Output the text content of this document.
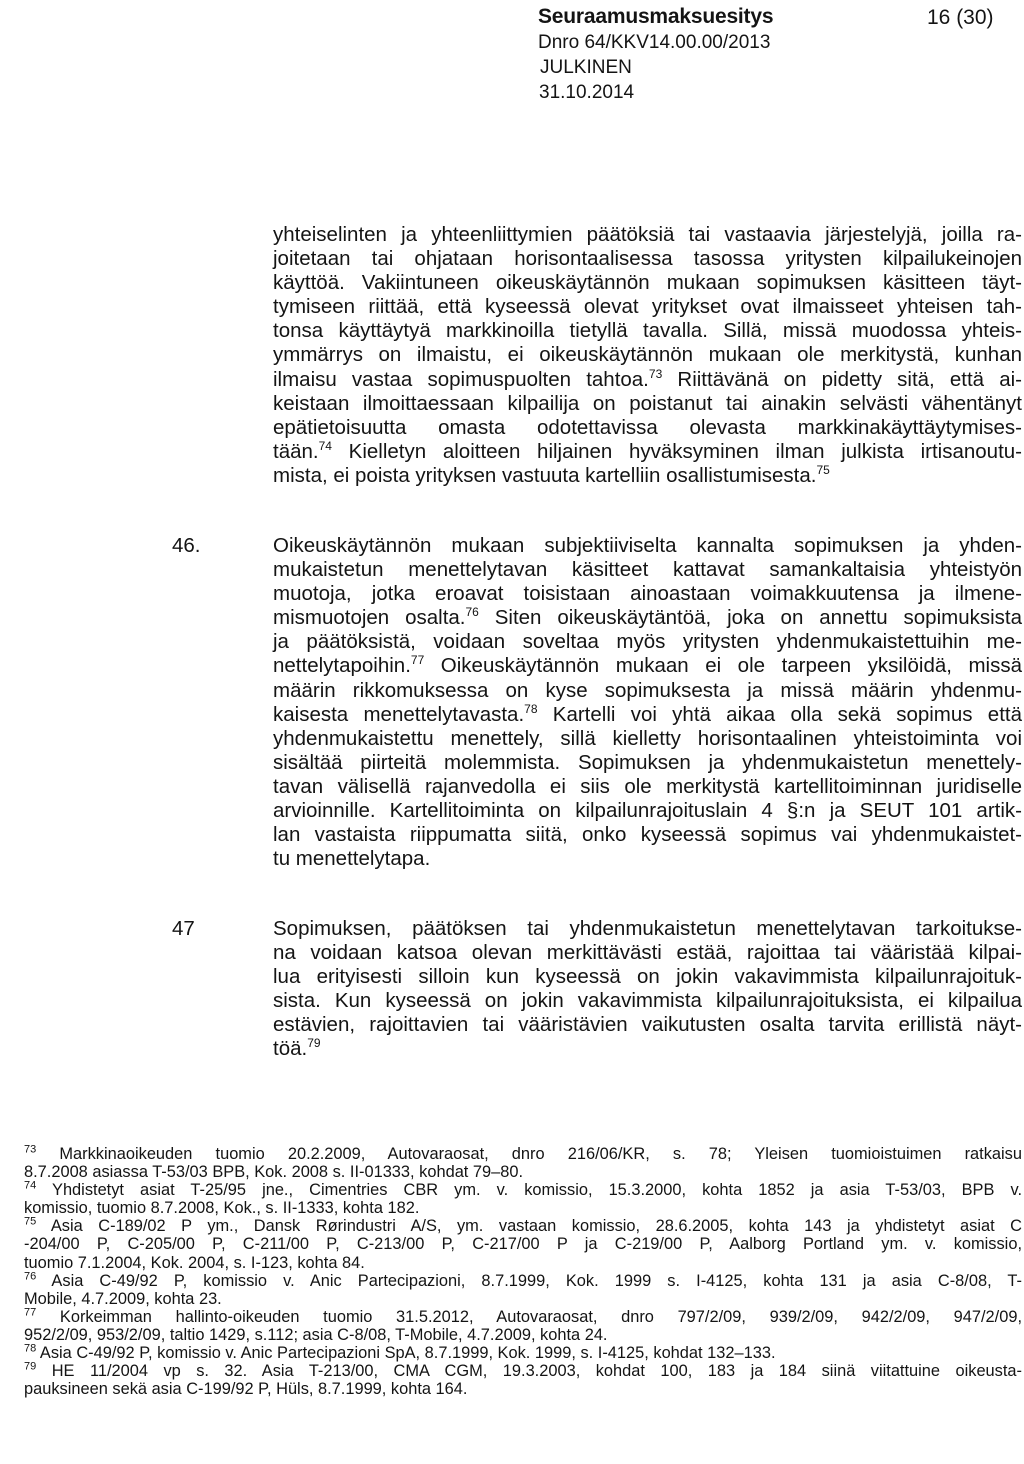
Seuraamusmaksuesitys
Dnro 64/KKV14.00.00/2013
JULKINEN
31.10.2014
16 (30)
yhteiselinten ja yhteenliittymien päätöksiä tai vastaavia järjestelyjä, joilla ra-
joitetaan tai ohjataan horisontaalisessa tasossa yritysten kilpailukeinojen
käyttöä. Vakiintuneen oikeuskäytännön mukaan sopimuksen käsitteen täyt-
tymiseen riittää, että kyseessä olevat yritykset ovat ilmaisseet yhteisen tah-
tonsa käyttäytyä markkinoilla tietyllä tavalla. Sillä, missä muodossa yhteis-
ymmärrys on ilmaistu, ei oikeuskäytännön mukaan ole merkitystä, kunhan
ilmaisu vastaa sopimuspuolten tahtoa.$^{73}$ Riittävänä on pidetty sitä, että ai-
keistaan ilmoittaessaan kilpailija on poistanut tai ainakin selvästi vähentänyt
epätietoisuutta omasta odotettavissa olevasta markkinakäyttäytymises-
tään.$^{74}$ Kielletyn aloitteen hiljainen hyväksyminen ilman julkista irtisanoutu-
mista, ei poista yrityksen vastuuta kartelliin osallistumisesta.$^{75}$
46.	Oikeuskäytännön mukaan subjektiiviselta kannalta sopimuksen ja yhden-
mukaistetun menettelytavan käsitteet kattavat samankaltaisia yhteistyön
muotoja, jotka eroavat toisistaan ainoastaan voimakkuutensa ja ilmene-
mismuotojen osalta.$^{76}$ Siten oikeuskäytäntöä, joka on annettu sopimuksista
ja päätöksistä, voidaan soveltaa myös yritysten yhdenmukaistettuihin me-
nettelytapoihin.$^{77}$ Oikeuskäytännön mukaan ei ole tarpeen yksilöidä, missä
määrin rikkomuksessa on kyse sopimuksesta ja missä määrin yhdenmu-
kaisesta menettelytavasta.$^{78}$ Kartelli voi yhtä aikaa olla sekä sopimus että
yhdenmukaistettu menettely, sillä kielletty horisontaalinen yhteistoiminta voi
sisältää piirteitä molemmista. Sopimuksen ja yhdenmukaistetun menettely-
tavan välisellä rajanvedolla ei siis ole merkitystä kartellitoiminnan juridiselle
arvioinnille. Kartellitoiminta on kilpailunrajoituslain 4 §:n ja SEUT 101 artik-
lan vastaista riippumatta siitä, onko kyseessä sopimus vai yhdenmukaistet-
tu menettelytapa.
47	Sopimuksen, päätöksen tai yhdenmukaistetun menettelytavan tarkoitukse-
na voidaan katsoa olevan merkittävästi estää, rajoittaa tai vääristää kilpai-
lua erityisesti silloin kun kyseessä on jokin vakavimmista kilpailunrajoituk-
sista. Kun kyseessä on jokin vakavimmista kilpailunrajoituksista, ei kilpailua
estävien, rajoittavien tai vääristävien vaikutusten osalta tarvita erillistä näyt-
töä.$^{79}$
$^{73}$ Markkinaoikeuden tuomio 20.2.2009, Autovaraosat, dnro 216/06/KR, s. 78; Yleisen tuomioistuimen ratkaisu
8.7.2008 asiassa T-53/03 BPB, Kok. 2008 s. II-01333, kohdat 79–80.
$^{74}$ Yhdistetyt asiat T-25/95 jne., Cimentries CBR ym. v. komissio, 15.3.2000, kohta 1852 ja asia T-53/03, BPB v.
komissio, tuomio 8.7.2008, Kok., s. II-1333, kohta 182.
$^{75}$ Asia C-189/02 P ym., Dansk Rørindustri A/S, ym. vastaan komissio, 28.6.2005, kohta 143 ja yhdistetyt asiat C
-204/00 P, C-205/00 P, C-211/00 P, C-213/00 P, C-217/00 P ja C-219/00 P, Aalborg Portland ym. v. komissio,
tuomio 7.1.2004, Kok. 2004, s. I-123, kohta 84.
$^{76}$ Asia C-49/92 P, komissio v. Anic Partecipazioni, 8.7.1999, Kok. 1999 s. I-4125, kohta 131 ja asia C-8/08, T-
Mobile, 4.7.2009, kohta 23.
$^{77}$ Korkeimman hallinto-oikeuden tuomio 31.5.2012, Autovaraosat, dnro 797/2/09, 939/2/09, 942/2/09, 947/2/09,
952/2/09, 953/2/09, taltio 1429, s.112; asia C-8/08, T-Mobile, 4.7.2009, kohta 24.
$^{78}$ Asia C-49/92 P, komissio v. Anic Partecipazioni SpA, 8.7.1999, Kok. 1999, s. I-4125, kohdat 132–133.
$^{79}$ HE 11/2004 vp s. 32. Asia T-213/00, CMA CGM, 19.3.2003, kohdat 100, 183 ja 184 siinä viitattuine oikeusta-
pauksineen sekä asia C-199/92 P, Hüls, 8.7.1999, kohta 164.
